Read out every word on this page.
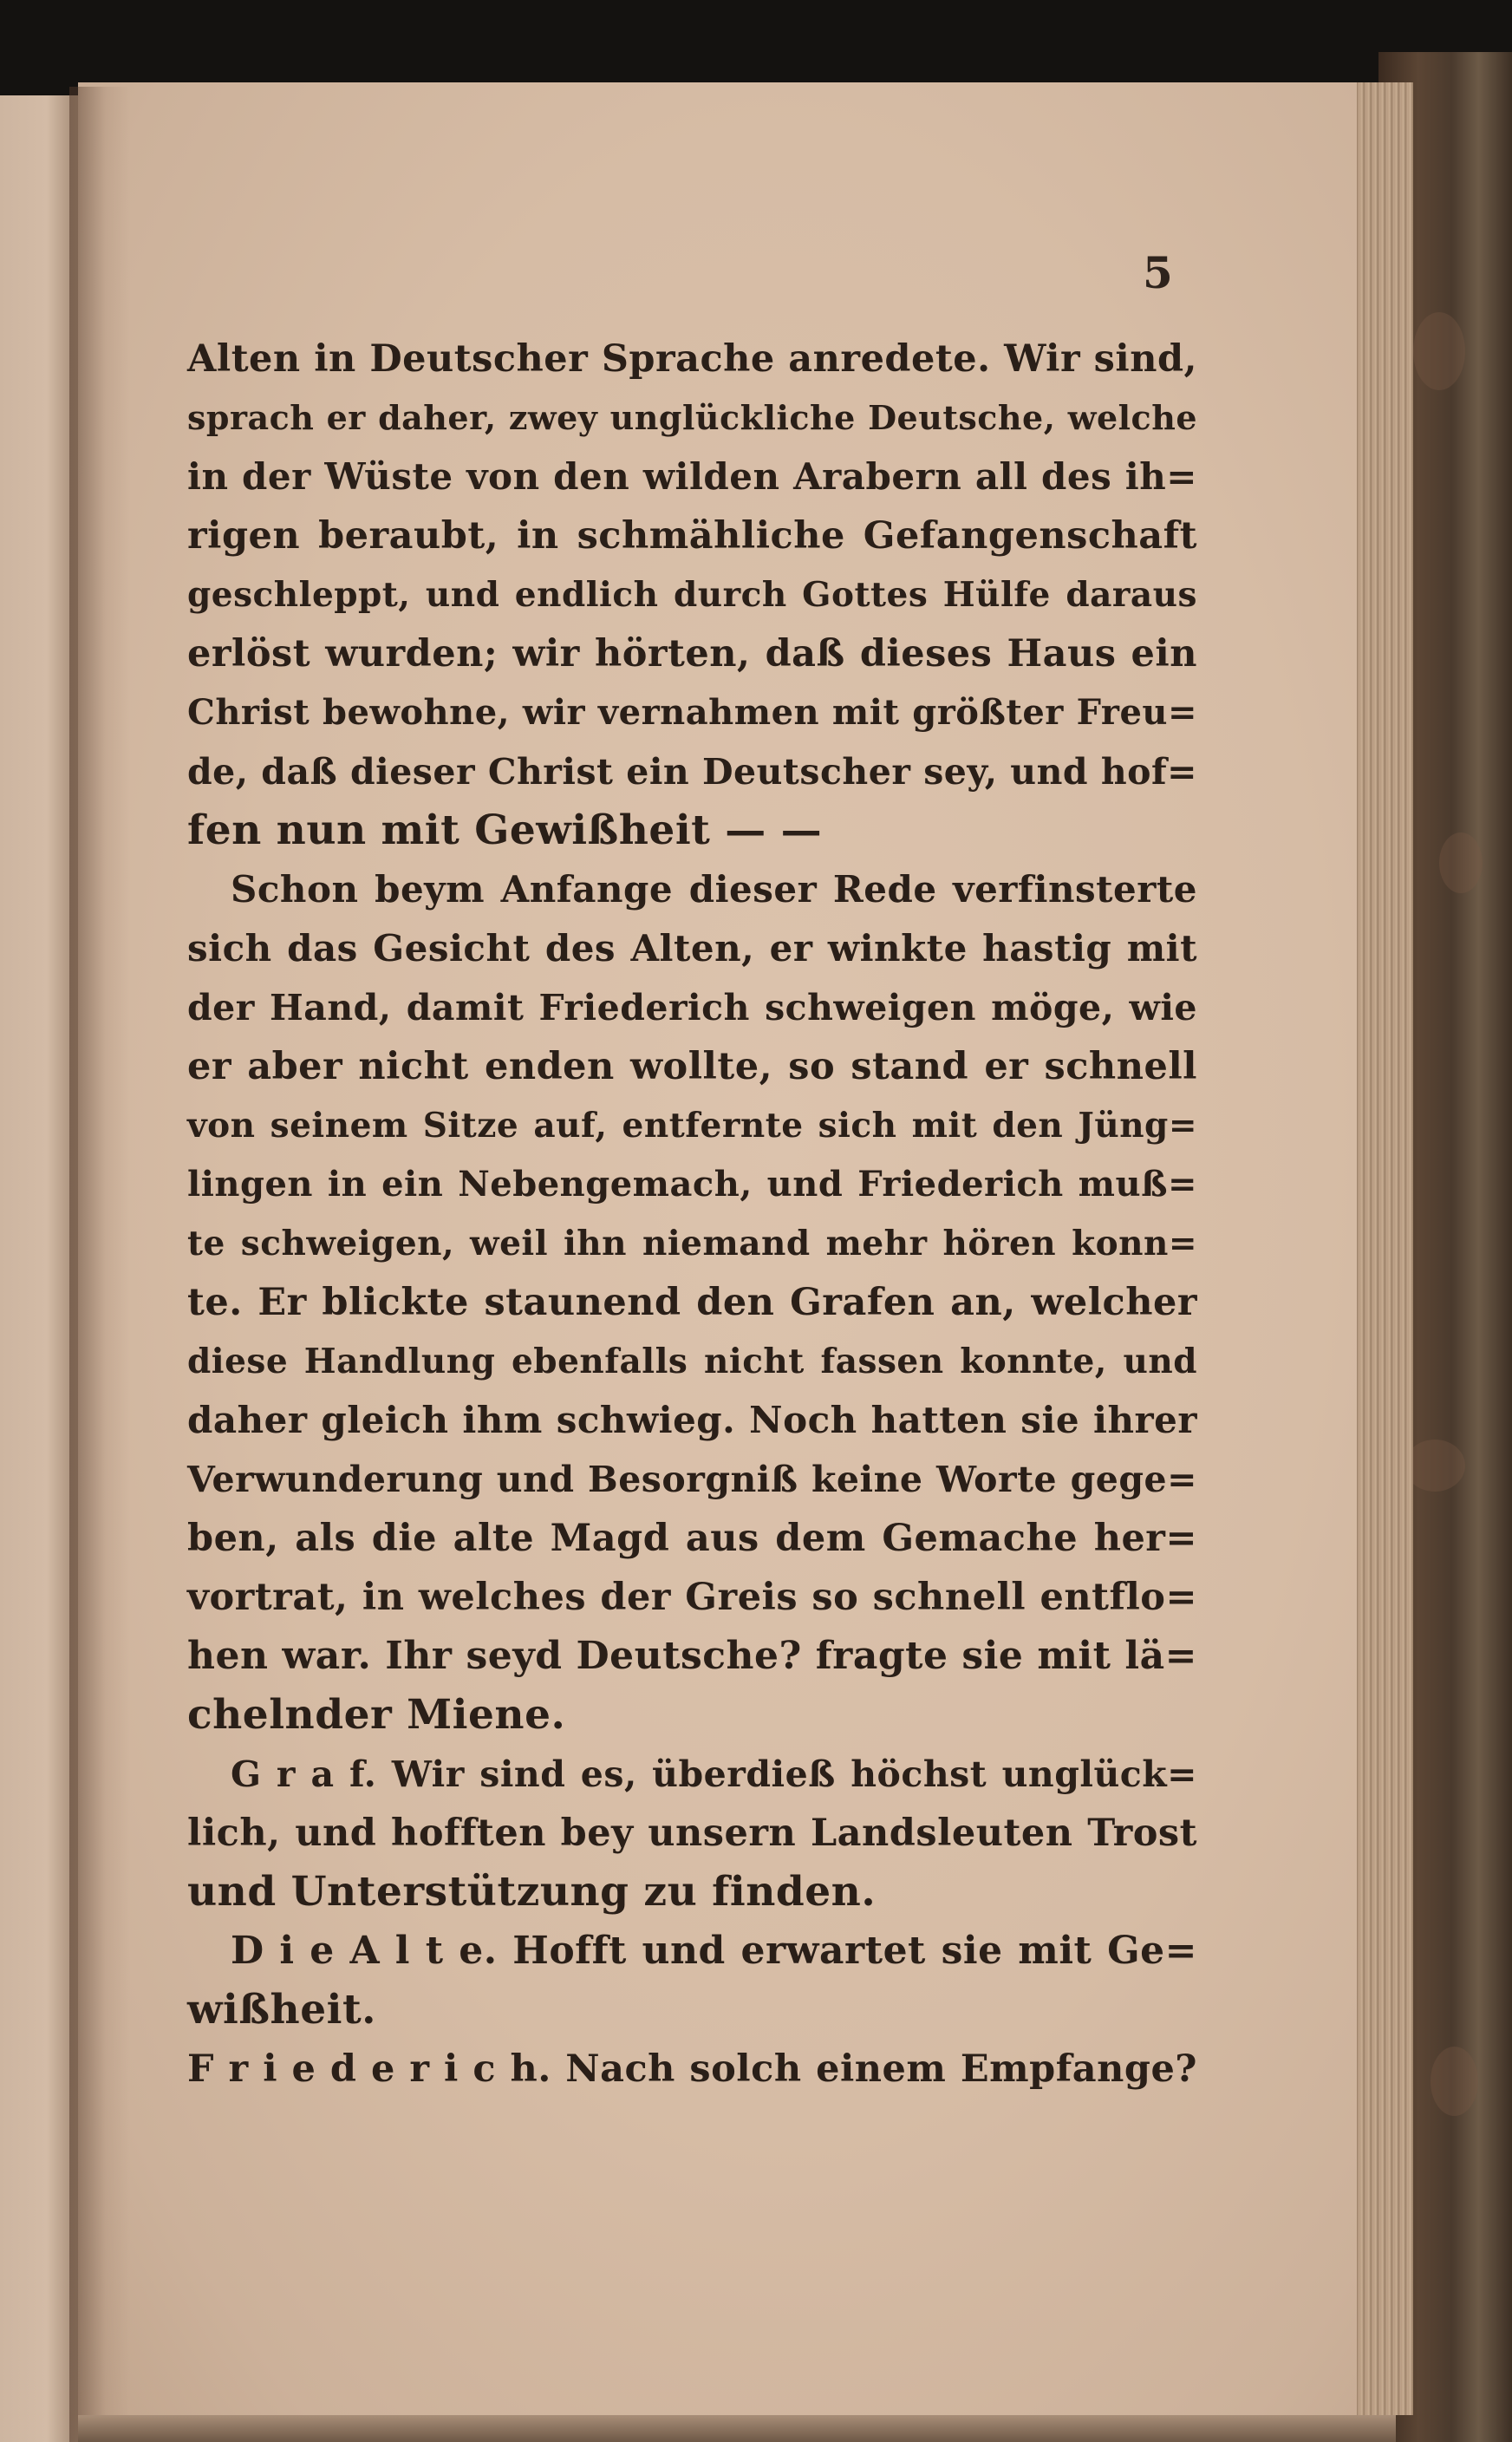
5
Alten in Deutscher Sprache anredete. Wir sind,
sprach er daher, zwey unglückliche Deutsche, welche
in der Wüste von den wilden Arabern all des ih=
rigen beraubt, in schmähliche Gefangenschaft
geschleppt, und endlich durch Gottes Hülfe daraus
erlöst wurden; wir hörten, daß dieses Haus ein
Christ bewohne, wir vernahmen mit größter Freu=
de, daß dieser Christ ein Deutscher sey, und hof=
fen nun mit Gewißheit — —
Schon beym Anfange dieser Rede verfinsterte
sich das Gesicht des Alten, er winkte hastig mit
der Hand, damit Friederich schweigen möge, wie
er aber nicht enden wollte, so stand er schnell
von seinem Sitze auf, entfernte sich mit den Jüng=
lingen in ein Nebengemach, und Friederich muß=
te schweigen, weil ihn niemand mehr hören konn=
te. Er blickte staunend den Grafen an, welcher
diese Handlung ebenfalls nicht fassen konnte, und
daher gleich ihm schwieg. Noch hatten sie ihrer
Verwunderung und Besorgniß keine Worte gege=
ben, als die alte Magd aus dem Gemache her=
vortrat, in welches der Greis so schnell entflo=
hen war. Ihr seyd Deutsche? fragte sie mit lä=
chelnder Miene.
G r a f. Wir sind es, überdieß höchst unglück=
lich, und hofften bey unsern Landsleuten Trost
und Unterstützung zu finden.
D i e A l t e. Hofft und erwartet sie mit Ge=
wißheit.
F r i e d e r i c h. Nach solch einem Empfange?
